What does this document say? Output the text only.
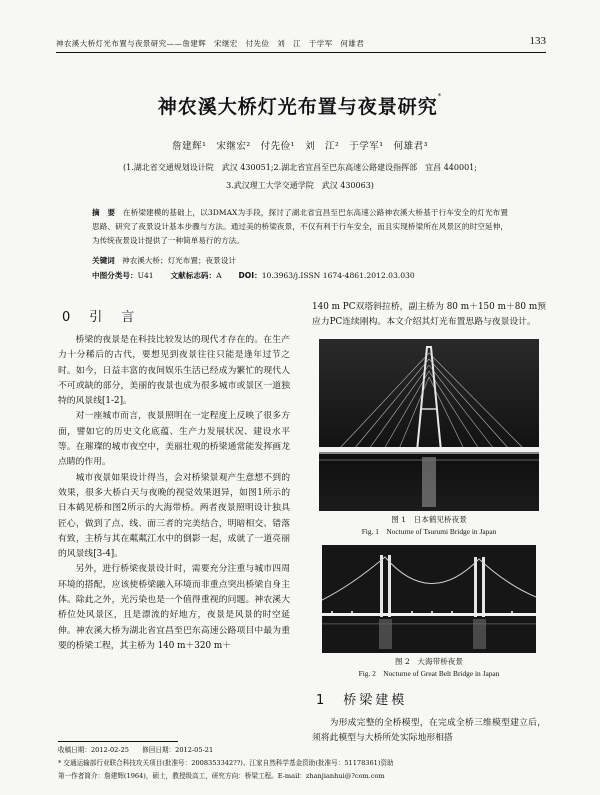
神农溪大桥灯光布置与夜景研究——詹建辉　宋继宏　付先俭　刘　江　于学军　何雄君	133
神农溪大桥灯光布置与夜景研究*
詹建辉¹　宋继宏²　付先俭¹　刘　江²　于学军¹　何雄君³
(1.湖北省交通规划设计院　武汉 430051;2.湖北省宜昌至巴东高速公路建设指挥部　宜昌 440001;
3.武汉理工大学交通学院　武汉 430063)
摘　要 在桥梁建模的基础上，以3DMAX为手段，探讨了湖北省宜昌至巴东高速公路神农溪大桥基于行车安全的灯光布置思路、研究了夜景设计基本步骤与方法。通过美的桥梁夜景，不仅有利于行车安全，而且实现桥梁所在风景区的时空延伸，为传统夜景设计提供了一种简单易行的方法。
关键词 神农溪大桥；灯光布置；夜景设计
中图分类号：U41 文献标志码：A DOI：10.3963/j.ISSN 1674-4861.2012.03.030
0 引　言

桥梁的夜景是在科技比较发达的现代才存在的。在生产力十分稀后的古代，要想见到夜景往往只能是逢年过节之时。如今，日益丰富的夜间娱乐生活已经成为繁忙的现代人不可或缺的部分，美丽的夜景也成为很多城市或景区一道独特的风景线[1-2]。

对一座城市而言，夜景照明在一定程度上反映了很多方面，譬如它的历史文化底蕴、生产力发展状况、建设水平等。在璀璨的城市夜空中，美丽壮观的桥梁通常能发挥画龙点睛的作用。

城市夜景如果设计得当，会对桥梁景观产生意想不到的效果，很多大桥白天与夜晚的视觉效果迥异，如图1所示的日本鹤见桥和图2所示的大海带桥。两者夜景照明设计独具匠心，做到了点、线、面三者的完美结合，明暗相交、错落有致，主桥与其在粼粼江水中的倒影一起，成就了一道亮丽的风景线[3-4]。

另外，进行桥梁夜景设计时，需要充分注重与城市四周环境的搭配，应该使桥梁融入环境而非重点突出桥梁自身主体。除此之外，光污染也是一个值得重视的问题。神农溪大桥位处风景区，且是漂流的好地方，夜景是风景的时空延伸。神农溪大桥为湖北省宜昌至巴东高速公路项目中最为重要的桥梁工程，其主桥为 140 m＋320 m＋

140 m PC双塔斜拉桥，副主桥为 80 m＋150 m＋80 m预应力PC连续刚构。本文介绍其灯光布置思路与夜景设计。

图 1　日本鹤见桥夜景
Fig. 1　Nocturne of Tsurumi Bridge in Japan
图 2　大海带桥夜景
Fig. 2　Nocturne of Great Belt Bridge in Japan
1 桥梁建模

为形成完整的全桥模型，在完成全桥三维模型建立后，须将此模型与大桥所处实际地形相搭

收稿日期：2012-02-25　　修回日期：2012-05-21
* 交通运输部行业联合科技攻关项目(批准号：2008353342??)、江家自然科学基金资助(批准号：51178361)资助
第一作者简介：詹建辉(1964)，硕士，教授级高工，研究方向：桥梁工程。E-mail：zhanjianhui@?com.com
